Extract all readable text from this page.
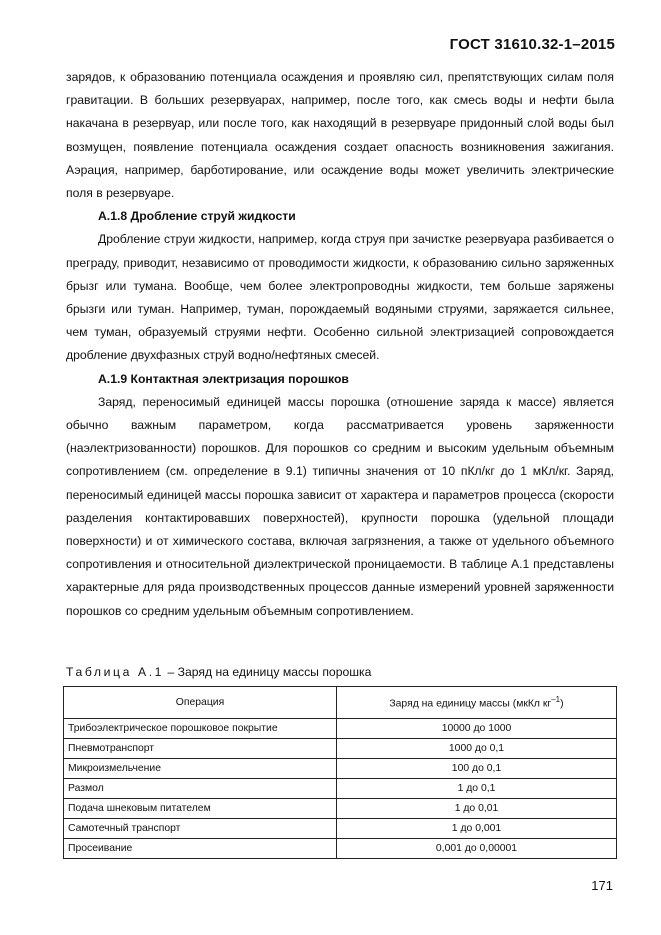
ГОСТ 31610.32-1–2015

зарядов, к образованию потенциала осаждения и проявляю сил, препятствующих силам поля гравитации. В больших резервуарах, например, после того, как смесь воды и нефти была накачана в резервуар, или после того, как находящий в резервуаре придонный слой воды был возмущен, появление потенциала осаждения создает опасность возникновения зажигания. Аэрация, например, барботирование, или осаждение воды может увеличить электрические поля в резервуаре.

А.1.8 Дробление струй жидкости

Дробление струи жидкости, например, когда струя при зачистке резервуара разбивается о преграду, приводит, независимо от проводимости жидкости, к образованию сильно заряженных брызг или тумана. Вообще, чем более электропроводны жидкости, тем больше заряжены брызги или туман. Например, туман, порождаемый водяными струями, заряжается сильнее, чем туман, образуемый струями нефти. Особенно сильной электризацией сопровождается дробление двухфазных струй водно/нефтяных смесей.

А.1.9 Контактная электризация порошков

Заряд, переносимый единицей массы порошка (отношение заряда к массе) является обычно важным параметром, когда рассматривается уровень заряженности (наэлектризованности) порошков. Для порошков со средним и высоким удельным объемным сопротивлением (см. определение в 9.1) типичны значения от 10 пКл/кг до 1 мКл/кг. Заряд, переносимый единицей массы порошка зависит от характера и параметров процесса (скорости разделения контактировавших поверхностей), крупности порошка (удельной площади поверхности) и от химического состава, включая загрязнения, а также от удельного объемного сопротивления и относительной диэлектрической проницаемости. В таблице А.1 представлены характерные для ряда производственных процессов данные измерений уровней заряженности порошков со средним удельным объемным сопротивлением.

Таблица А.1 – Заряд на единицу массы порошка
Операция	Заряд на единицу массы (мкКл $кг^{-1}$)
Трибоэлектрическое порошковое покрытие	10000 до 1000
Пневмотранспорт	1000 до 0,1
Микроизмельчение	100 до 0,1
Размол	1 до 0,1
Подача шнековым питателем	1 до 0,01
Самотечный транспорт	1 до 0,001
Просеивание	0,001 до 0,00001
171
